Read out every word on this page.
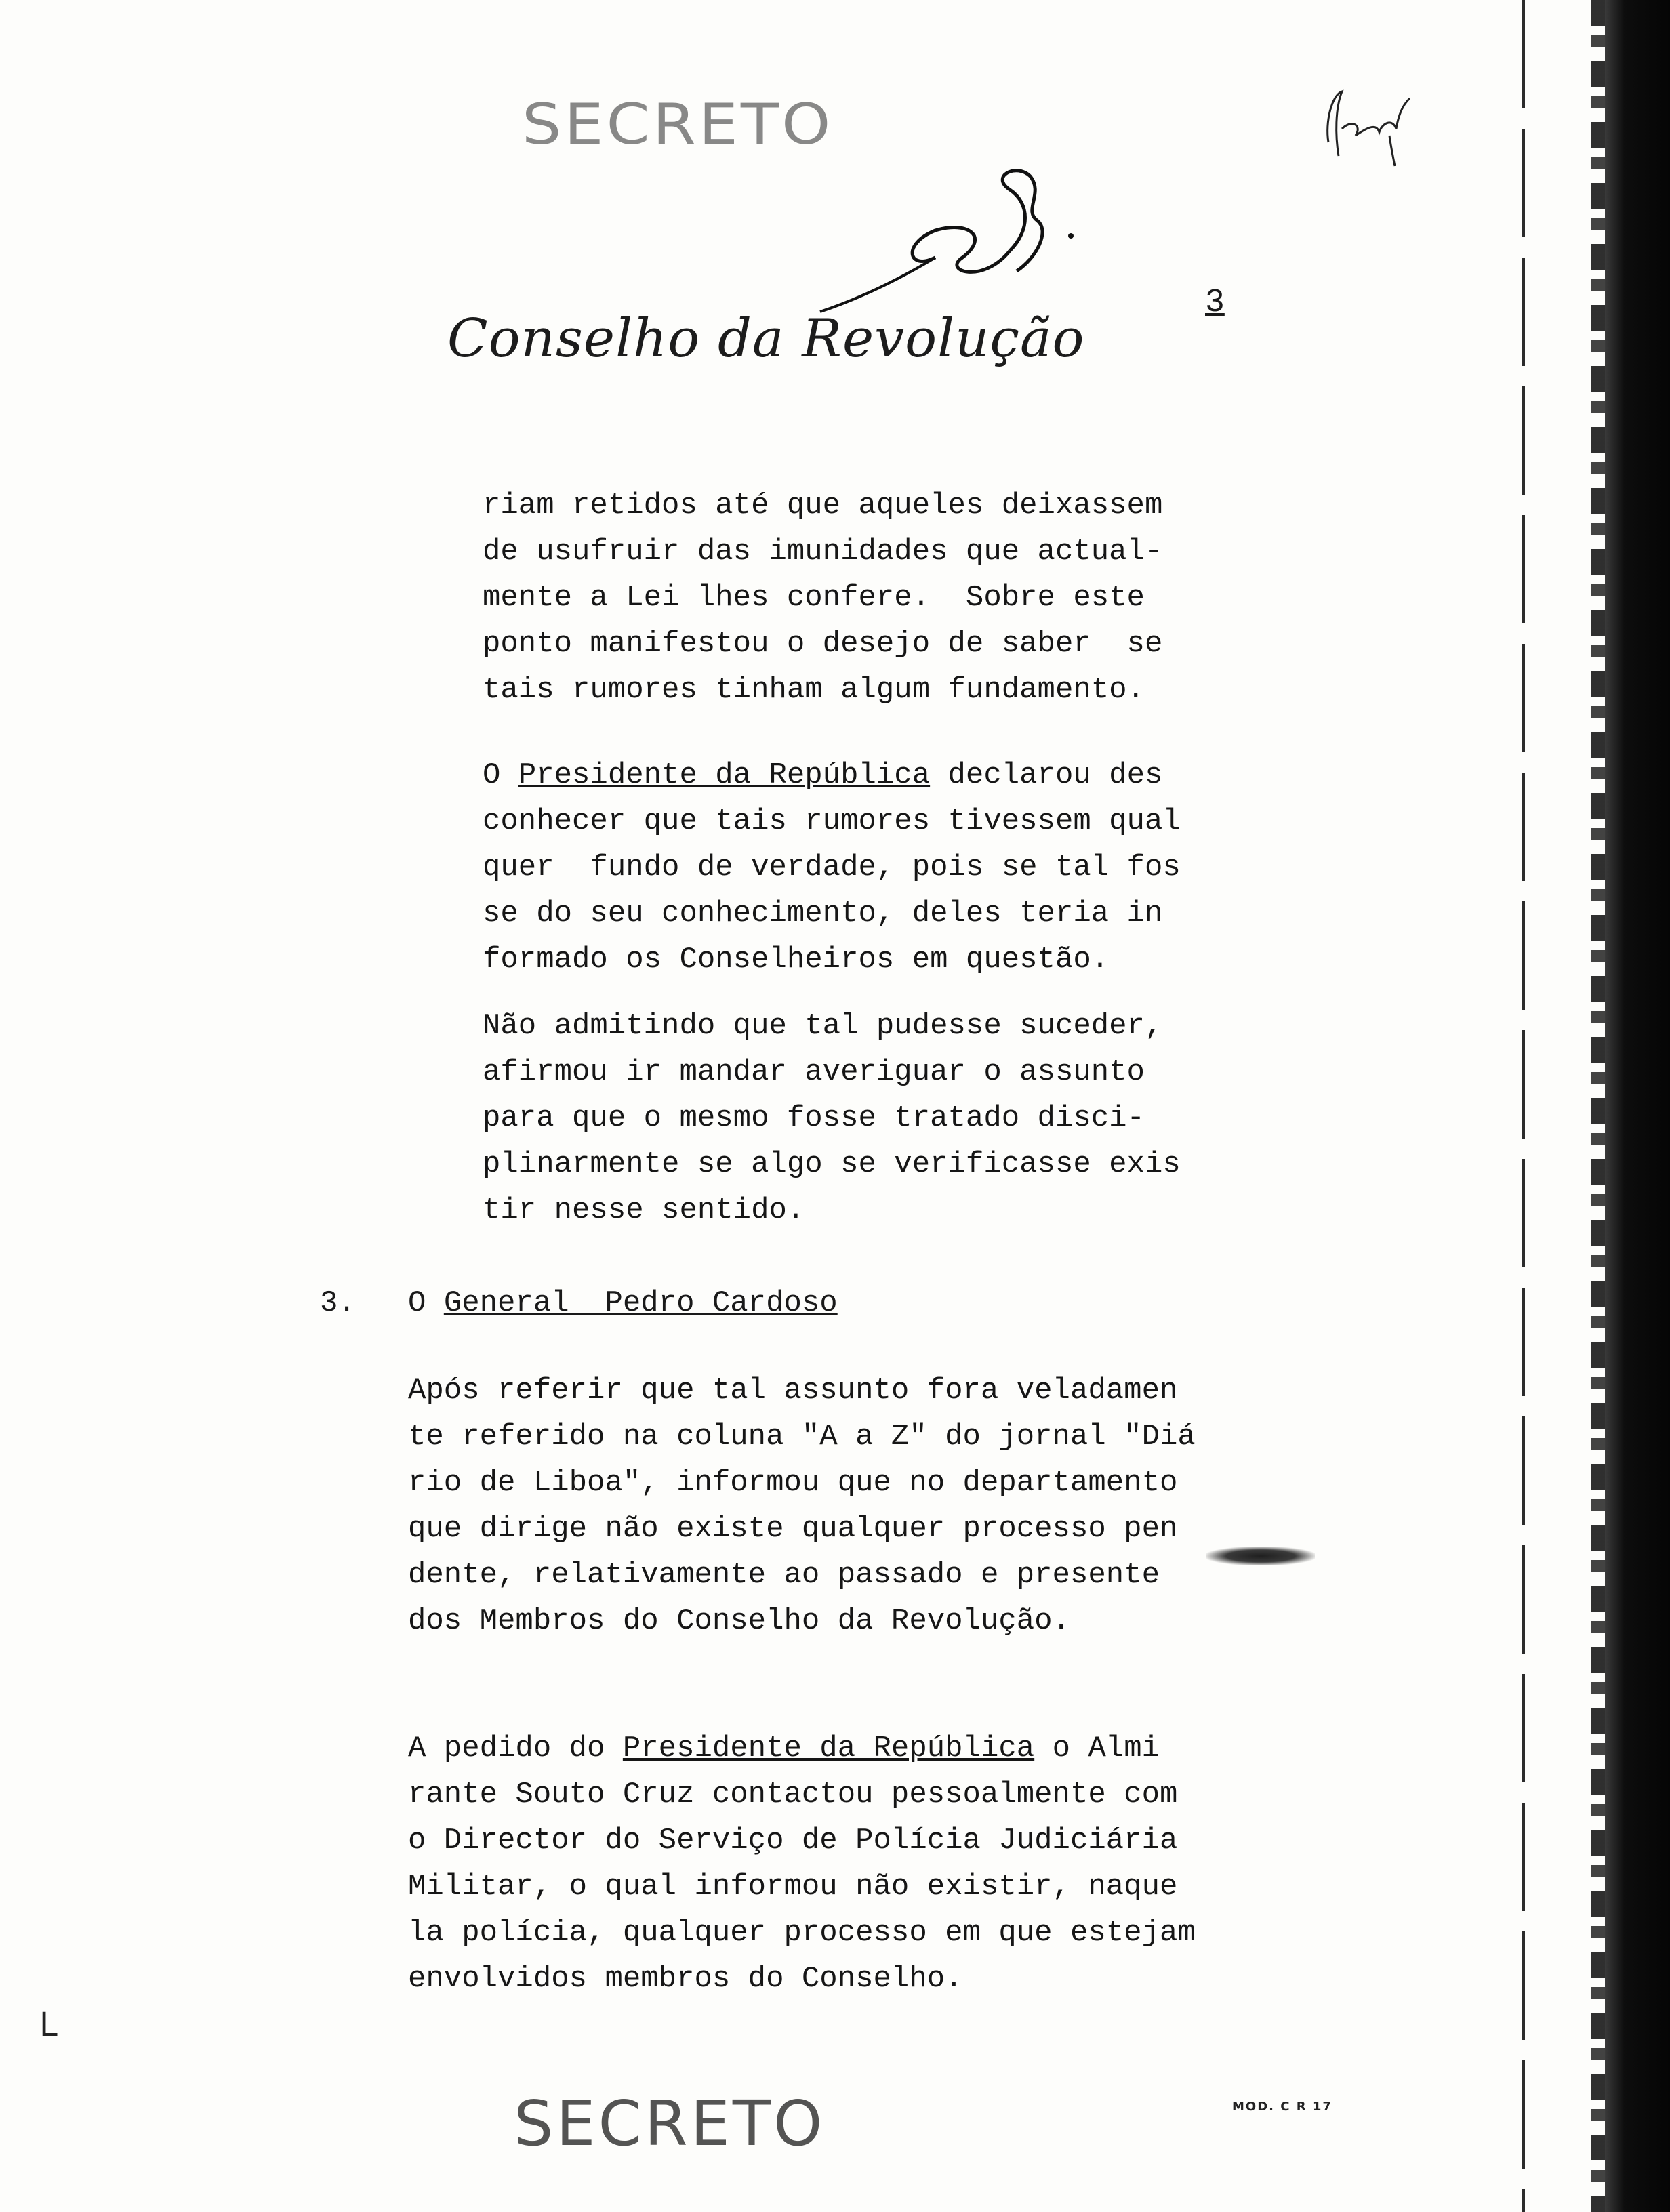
SECRETO
Conselho da Revolução
3
riam retidos até que aqueles deixassem
de usufruir das imunidades que actual-
mente a Lei lhes confere.  Sobre este
ponto manifestou o desejo de saber  se
tais rumores tinham algum fundamento.
O Presidente da República declarou des
conhecer que tais rumores tivessem qual
quer  fundo de verdade, pois se tal fos
se do seu conhecimento, deles teria in
formado os Conselheiros em questão.
Não admitindo que tal pudesse suceder,
afirmou ir mandar averiguar o assunto
para que o mesmo fosse tratado disci-
plinarmente se algo se verificasse exis
tir nesse sentido.
3. O General  Pedro Cardoso
Após referir que tal assunto fora veladamen
te referido na coluna "A a Z" do jornal "Diá
rio de Liboa", informou que no departamento
que dirige não existe qualquer processo pen
dente, relativamente ao passado e presente
dos Membros do Conselho da Revolução.
A pedido do Presidente da República o Almi
rante Souto Cruz contactou pessoalmente com
o Director do Serviço de Polícia Judiciária
Militar, o qual informou não existir, naque
la polícia, qualquer processo em que estejam
envolvidos membros do Conselho.
L
SECRETO	MOD. C R 17
